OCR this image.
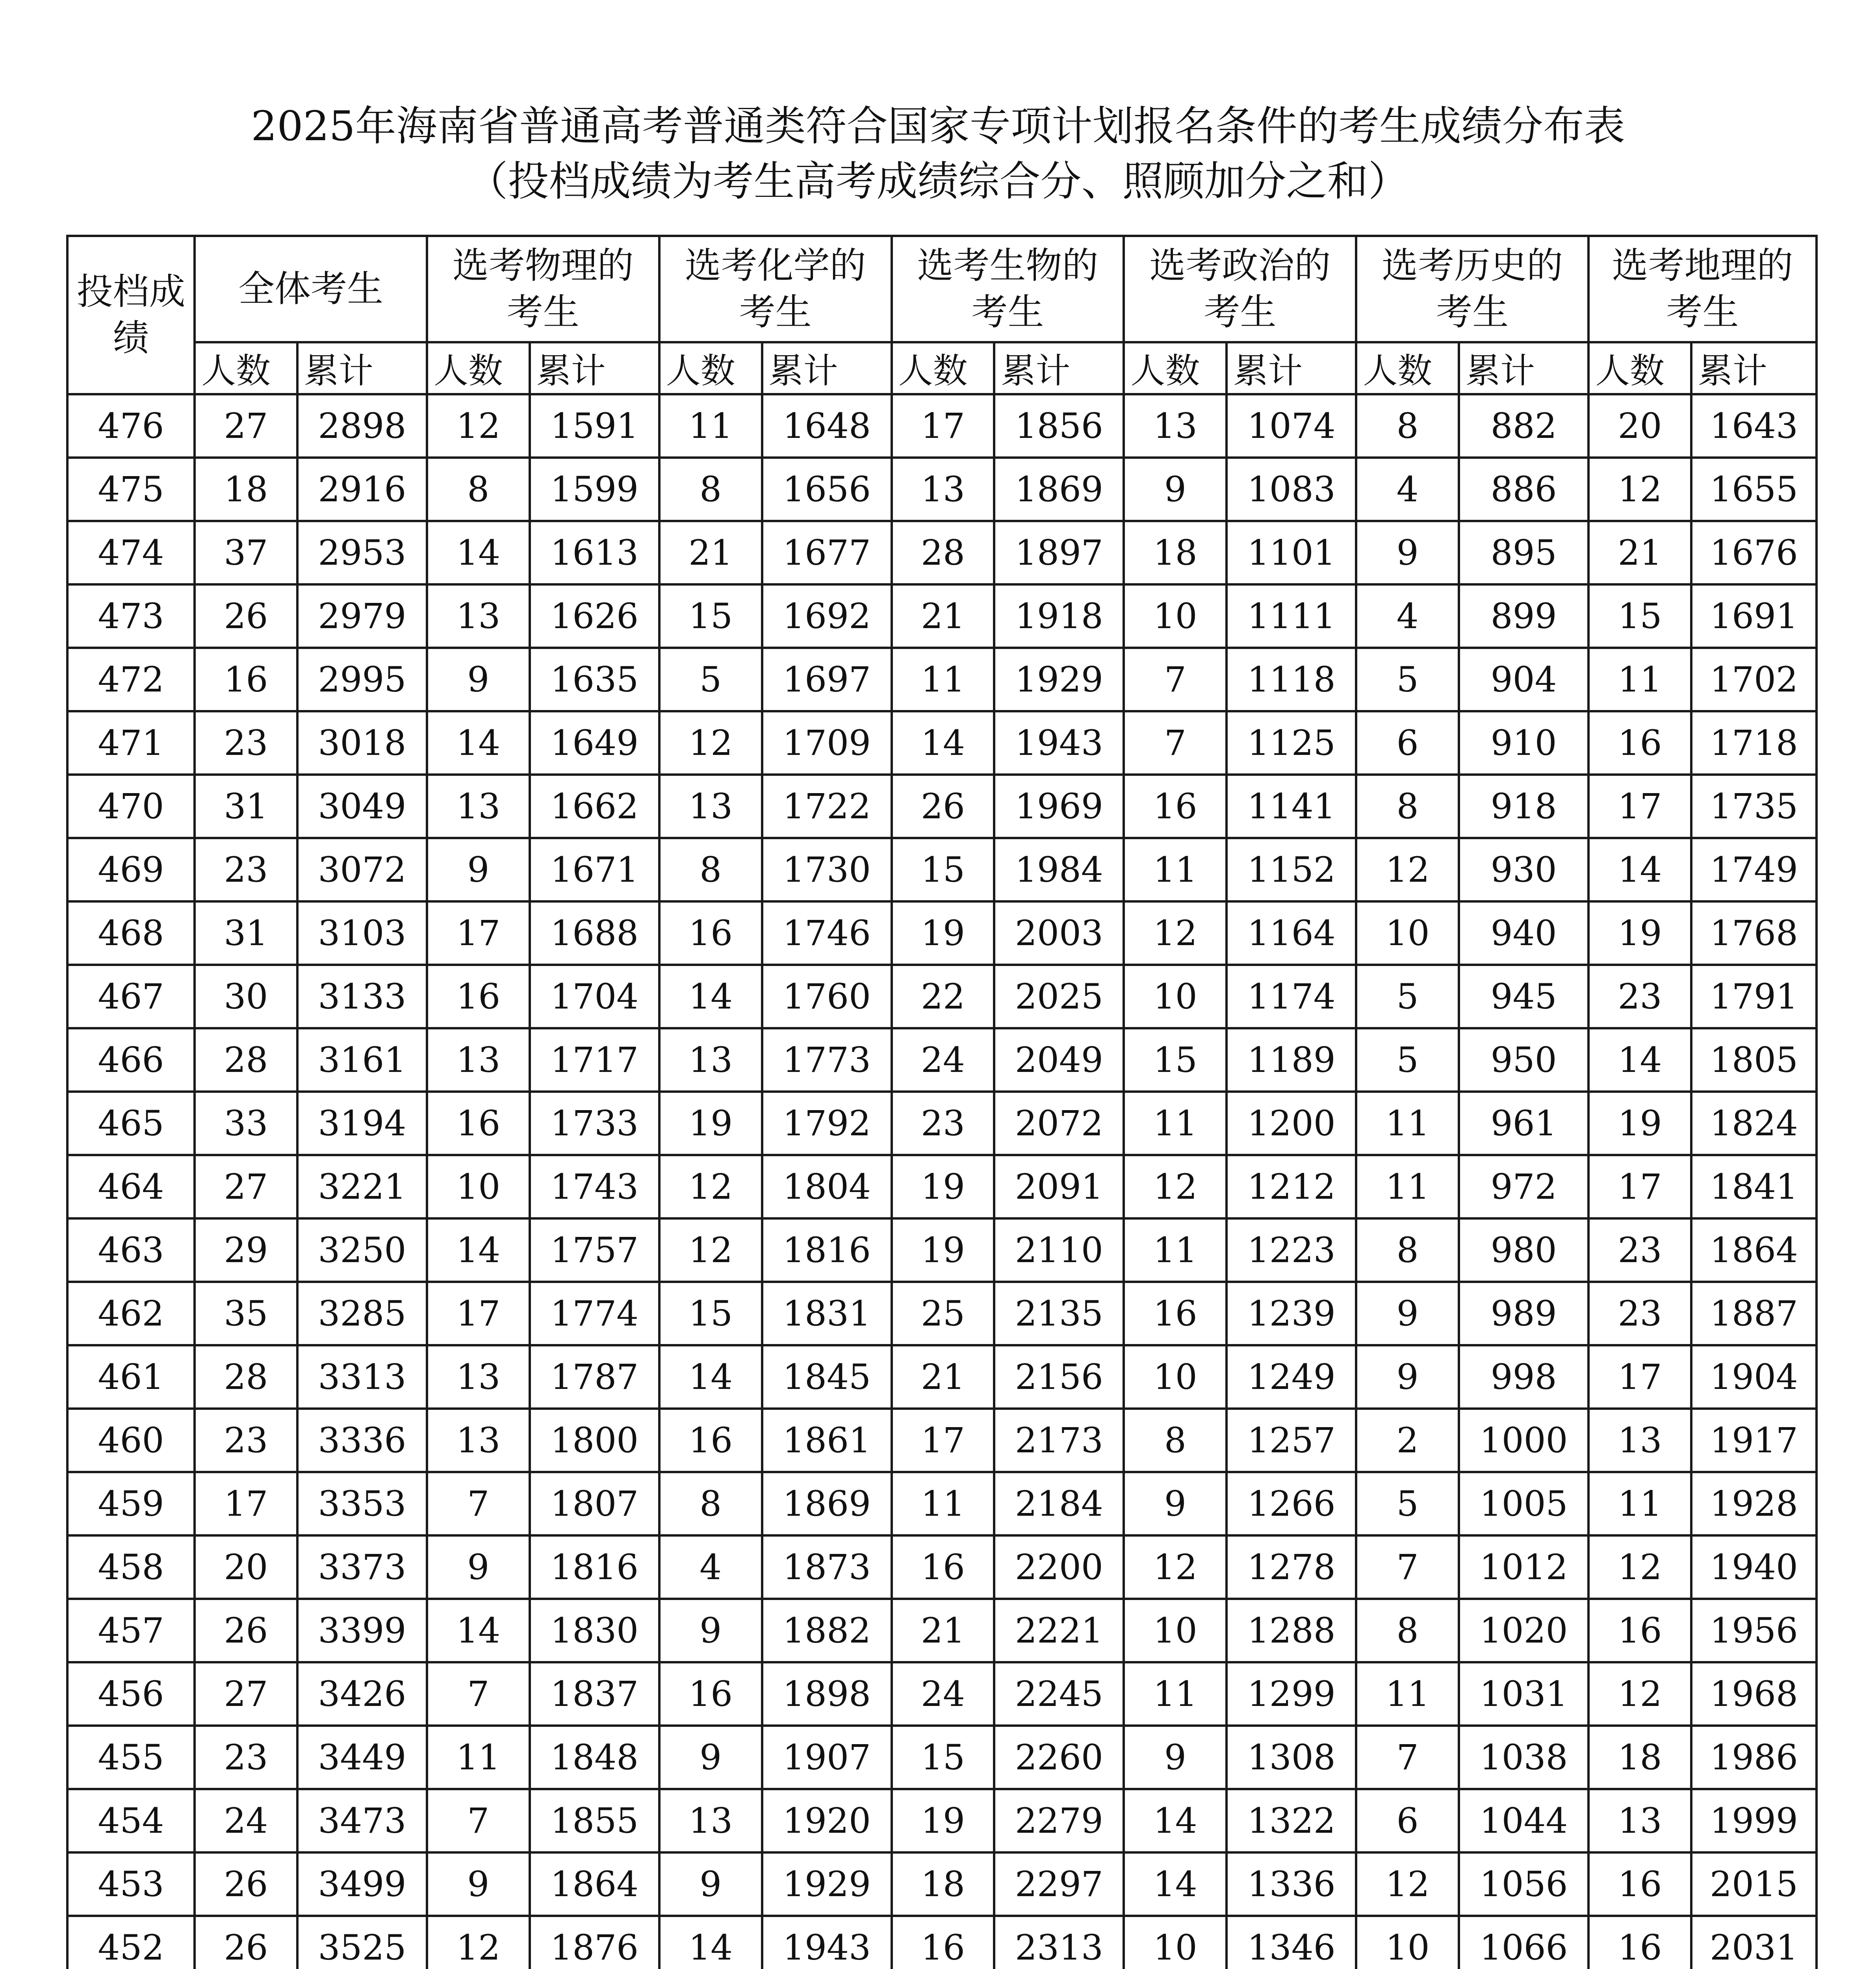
2025年海南省普通高考普通类符合国家专项计划报名条件的考生成绩分布表
（投档成绩为考生高考成绩综合分、照顾加分之和）
投档成绩	全体考生		选考物理的考生		选考化学的考生		选考生物的考生		选考政治的考生		选考历史的考生		选考地理的考生	
	人数	累计	人数	累计	人数	累计	人数	累计	人数	累计	人数	累计	人数	累计
476	27	2898	12	1591	11	1648	17	1856	13	1074	8	882	20	1643
475	18	2916	8	1599	8	1656	13	1869	9	1083	4	886	12	1655
474	37	2953	14	1613	21	1677	28	1897	18	1101	9	895	21	1676
473	26	2979	13	1626	15	1692	21	1918	10	1111	4	899	15	1691
472	16	2995	9	1635	5	1697	11	1929	7	1118	5	904	11	1702
471	23	3018	14	1649	12	1709	14	1943	7	1125	6	910	16	1718
470	31	3049	13	1662	13	1722	26	1969	16	1141	8	918	17	1735
469	23	3072	9	1671	8	1730	15	1984	11	1152	12	930	14	1749
468	31	3103	17	1688	16	1746	19	2003	12	1164	10	940	19	1768
467	30	3133	16	1704	14	1760	22	2025	10	1174	5	945	23	1791
466	28	3161	13	1717	13	1773	24	2049	15	1189	5	950	14	1805
465	33	3194	16	1733	19	1792	23	2072	11	1200	11	961	19	1824
464	27	3221	10	1743	12	1804	19	2091	12	1212	11	972	17	1841
463	29	3250	14	1757	12	1816	19	2110	11	1223	8	980	23	1864
462	35	3285	17	1774	15	1831	25	2135	16	1239	9	989	23	1887
461	28	3313	13	1787	14	1845	21	2156	10	1249	9	998	17	1904
460	23	3336	13	1800	16	1861	17	2173	8	1257	2	1000	13	1917
459	17	3353	7	1807	8	1869	11	2184	9	1266	5	1005	11	1928
458	20	3373	9	1816	4	1873	16	2200	12	1278	7	1012	12	1940
457	26	3399	14	1830	9	1882	21	2221	10	1288	8	1020	16	1956
456	27	3426	7	1837	16	1898	24	2245	11	1299	11	1031	12	1968
455	23	3449	11	1848	9	1907	15	2260	9	1308	7	1038	18	1986
454	24	3473	7	1855	13	1920	19	2279	14	1322	6	1044	13	1999
453	26	3499	9	1864	9	1929	18	2297	14	1336	12	1056	16	2015
452	26	3525	12	1876	14	1943	16	2313	10	1346	10	1066	16	2031
